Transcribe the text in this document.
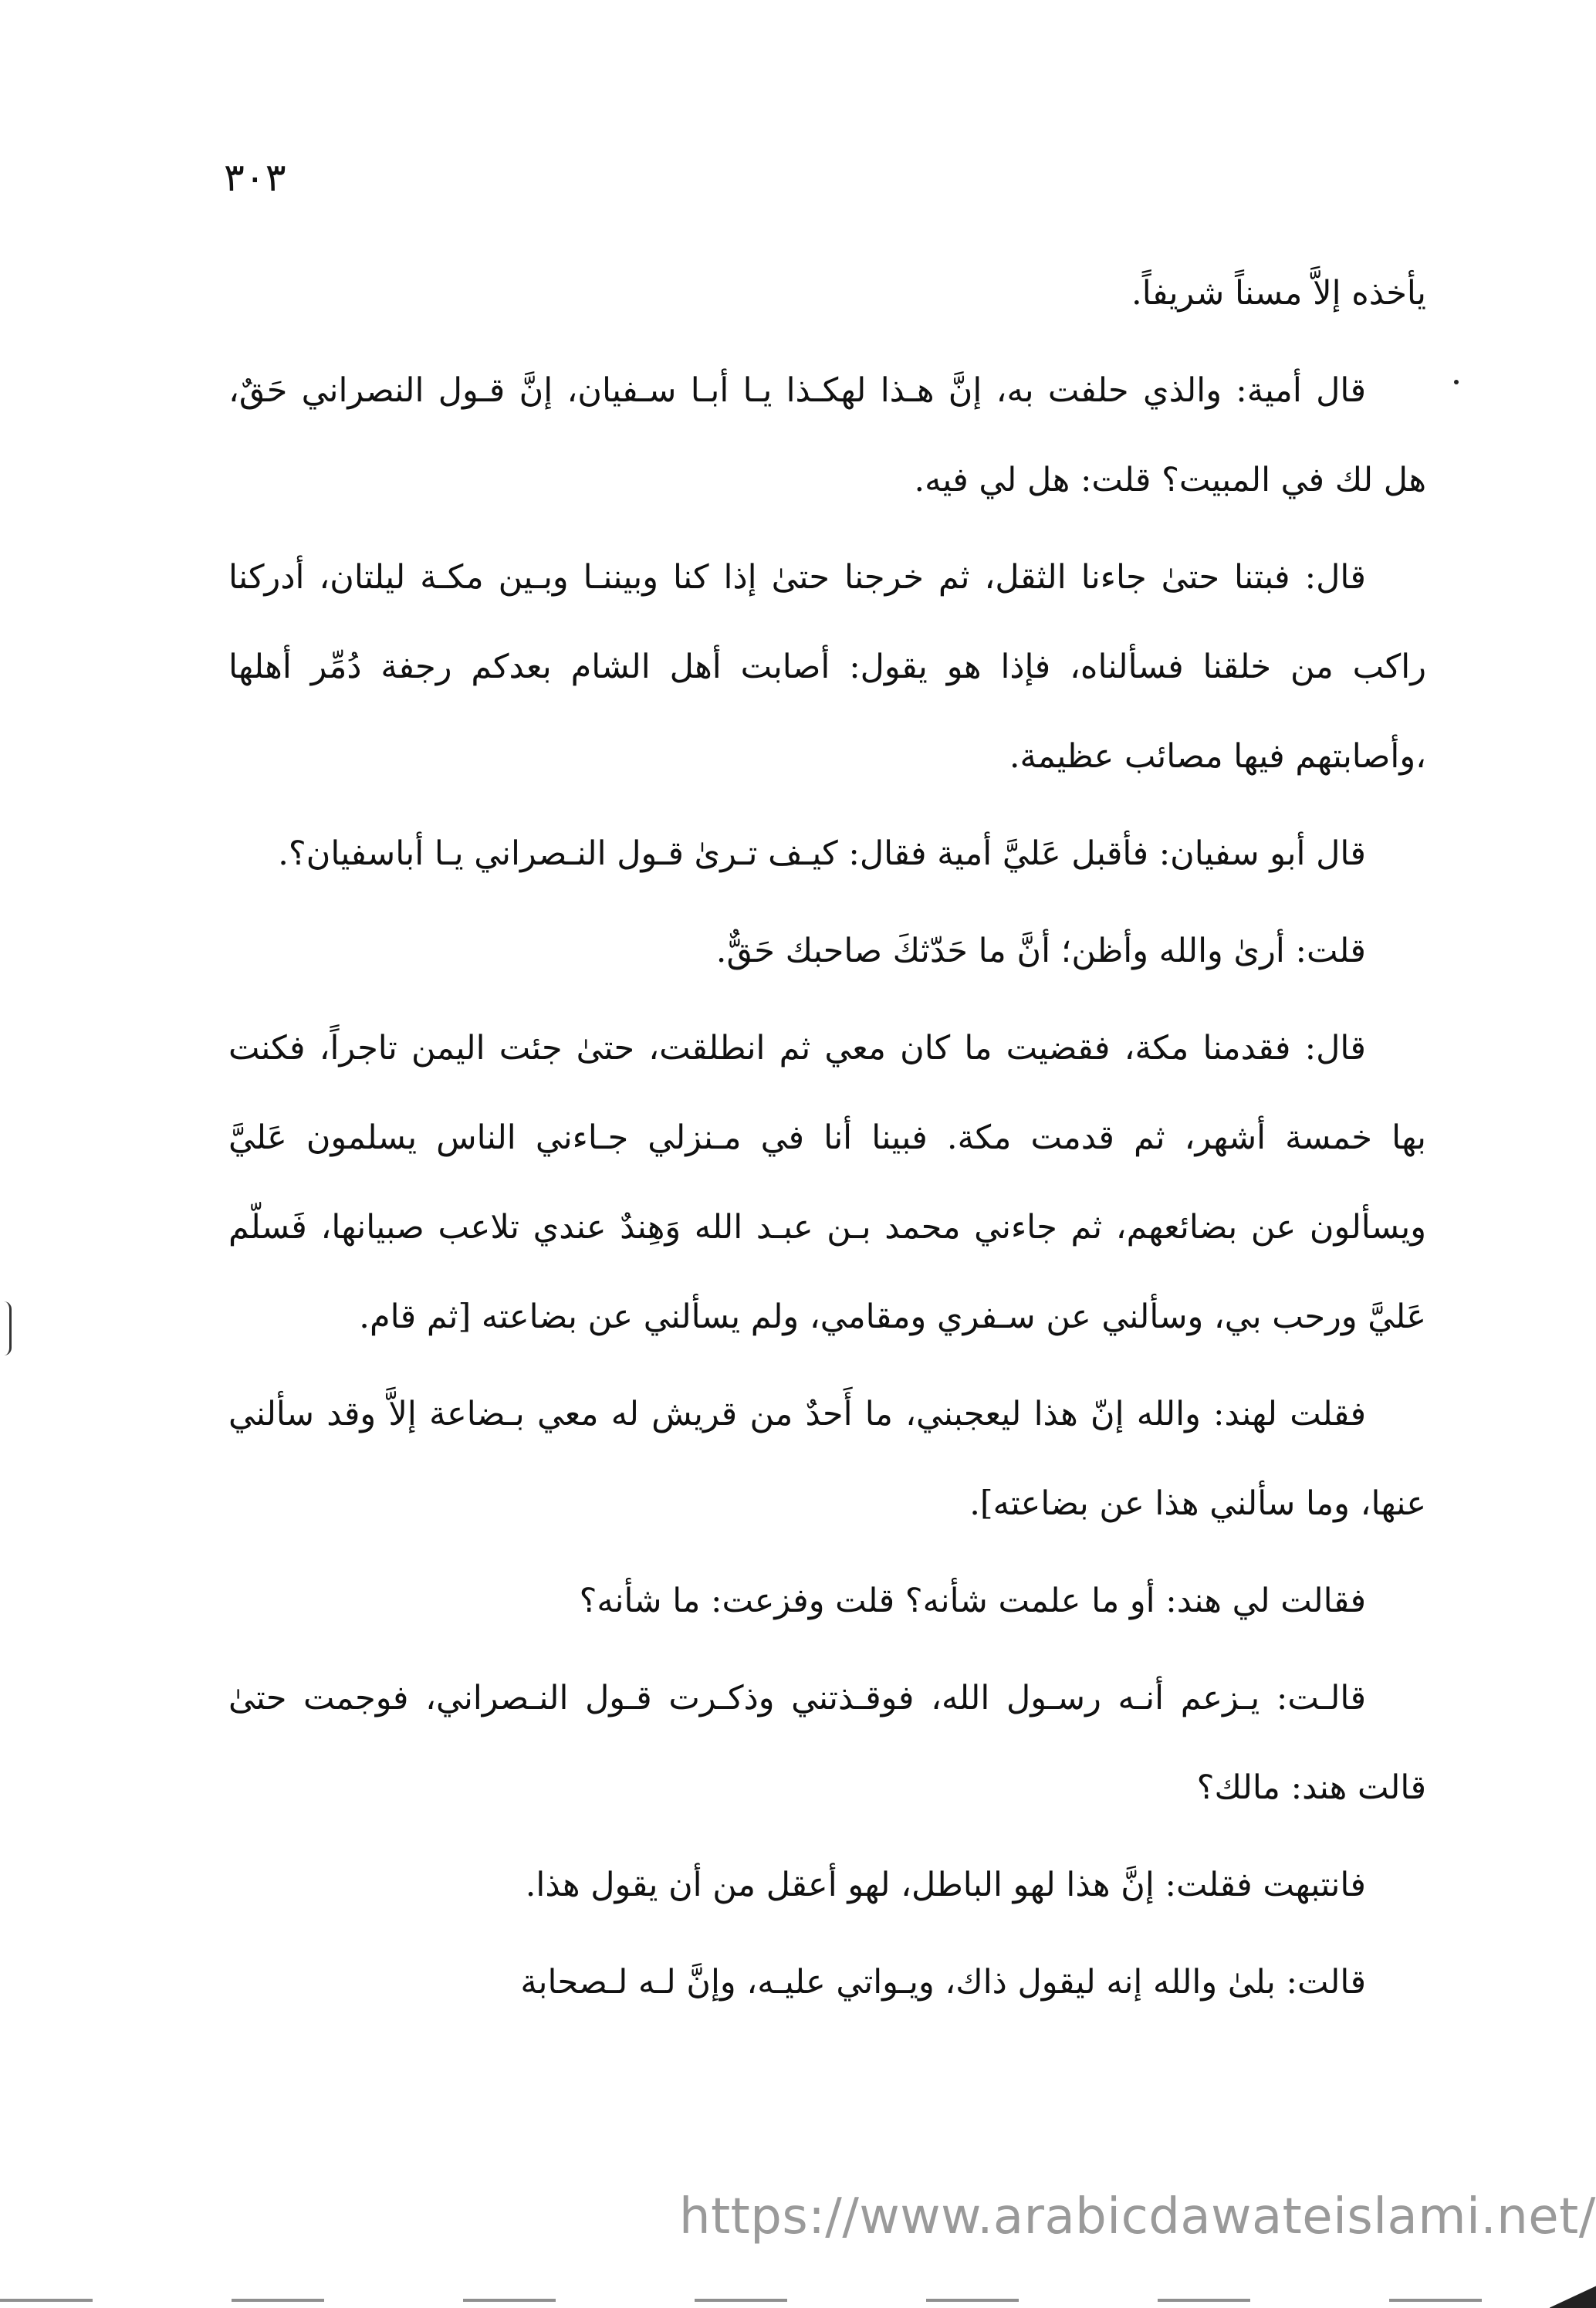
٣٠٣

يأخذه إلاَّ مسناً شريفاً.

قال أمية: والذي حلفت به، إنَّ هـذا لهكـذا يـا أبـا سـفيان، إنَّ قـول النصراني حَقٌ، هل لك في المبيت؟ قلت: هل لي فيه.

قال: فبتنا حتىٰ جاءنا الثقل، ثم خرجنا حتىٰ إذا كنا وبيننـا وبـين مكـة ليلتان، أدركنا راكب من خلقنا فسألناه، فإذا هو يقول: أصابت أهل الشام بعدكم رجفة دُمِّر أهلها ،وأصابتهم فيها مصائب عظيمة.

قال أبو سفيان: فأقبل عَليَّ أمية فقال: كيـف تـرىٰ قـول النـصراني يـا أباسفيان؟.

قلت: أرىٰ والله وأظن؛ أنَّ ما حَدّثكَ صاحبك حَقٌّ.

قال: فقدمنا مكة، فقضيت ما كان معي ثم انطلقت، حتىٰ جئت اليمن تاجراً، فكنت بها خمسة أشهر، ثم قدمت مكة. فبينا أنا في مـنزلي جـاءني الناس يسلمون عَليَّ ويسألون عن بضائعهم، ثم جاءني محمد بـن عبـد الله وَهِندٌ عندي تلاعب صبيانها، فَسلّم عَليَّ ورحب بي، وسألني عن سـفري ومقامي، ولم يسألني عن بضاعته [ثم قام.

فقلت لهند: والله إنّ هذا ليعجبني، ما أَحدٌ من قريش له معي بـضاعة إلاَّ وقد سألني عنها، وما سألني هذا عن بضاعته].

فقالت لي هند: أو ما علمت شأنه؟ قلت وفزعت: ما شأنه؟

قالـت: يـزعم أنـه رسـول الله، فوقـذتني وذكـرت قـول النـصراني، فوجمت حتىٰ قالت هند: مالك؟

فانتبهت فقلت: إنَّ هذا لهو الباطل، لهو أعقل من أن يقول هذا.

قالت: بلىٰ والله إنه ليقول ذاك، ويـواتي عليـه، وإنَّ لـه لـصحابة

https://www.arabicdawateislami.net/
